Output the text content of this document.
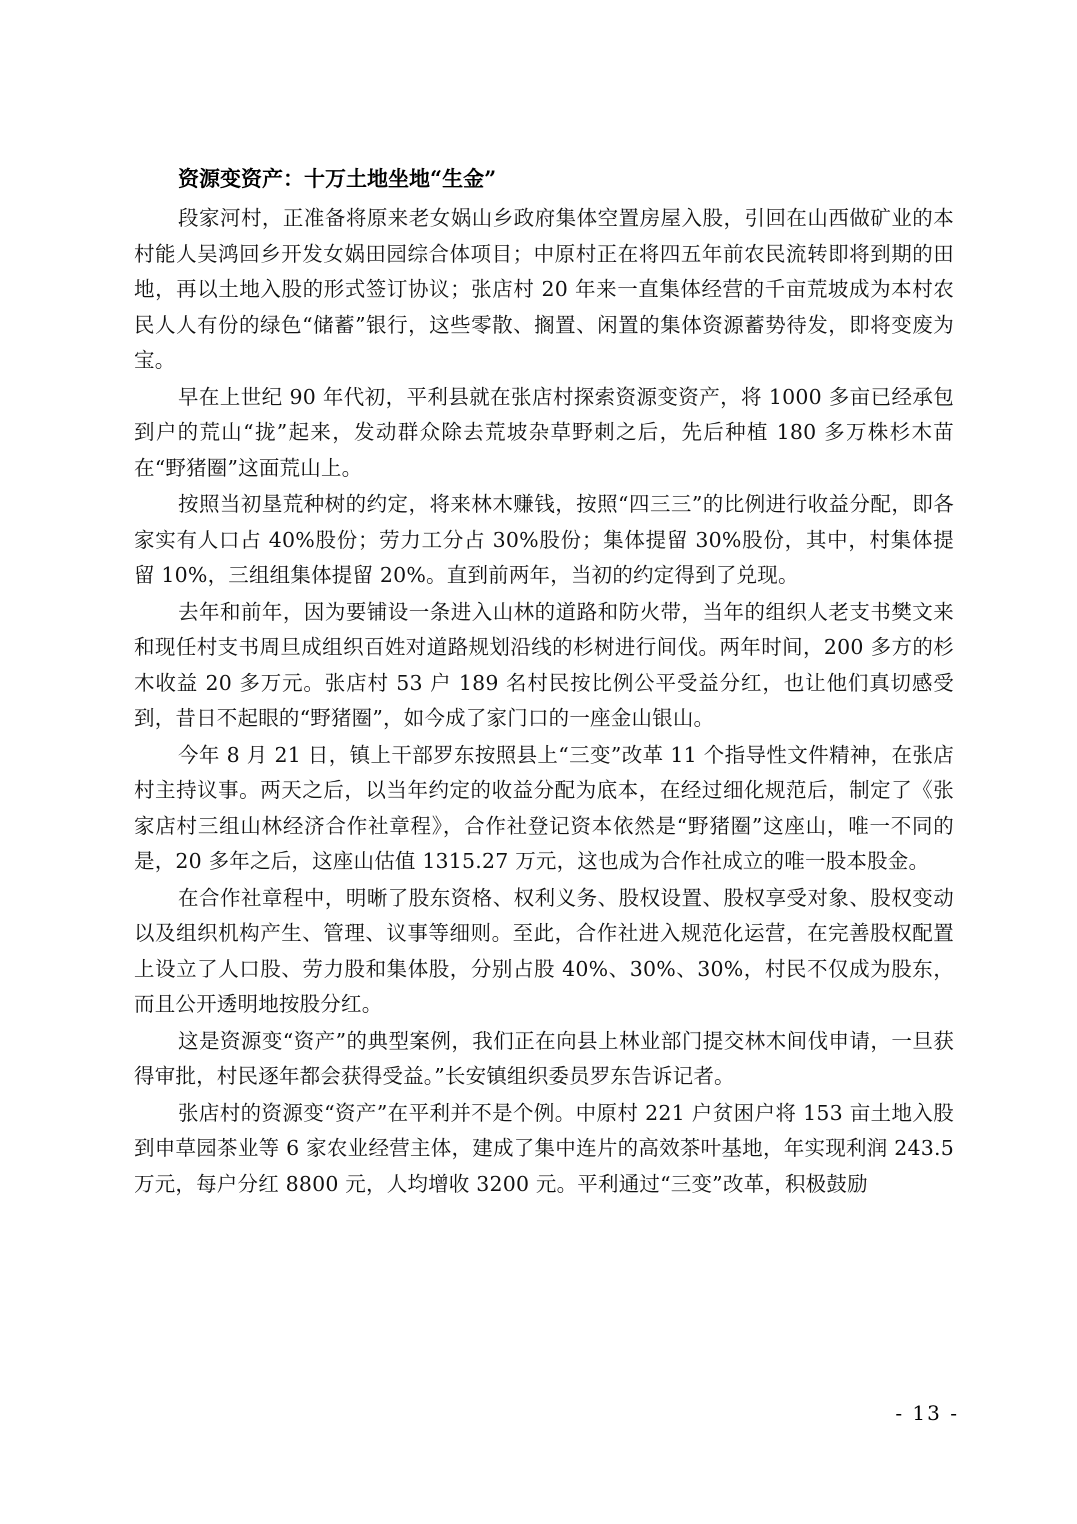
资源变资产：十万土地坐地“生金”

段家河村，正准备将原来老女娲山乡政府集体空置房屋入股，引回在山西做矿业的本村能人吴鸿回乡开发女娲田园综合体项目；中原村正在将四五年前农民流转即将到期的田地，再以土地入股的形式签订协议；张店村 20 年来一直集体经营的千亩荒坡成为本村农民人人有份的绿色“储蓄”银行，这些零散、搁置、闲置的集体资源蓄势待发，即将变废为宝。

早在上世纪 90 年代初，平利县就在张店村探索资源变资产，将 1000 多亩已经承包到户的荒山“拢”起来，发动群众除去荒坡杂草野刺之后，先后种植 180 多万株杉木苗在“野猪圈”这面荒山上。

按照当初垦荒种树的约定，将来林木赚钱，按照“四三三”的比例进行收益分配，即各家实有人口占 40%股份；劳力工分占 30%股份；集体提留 30%股份，其中，村集体提留 10%，三组组集体提留 20%。直到前两年，当初的约定得到了兑现。

去年和前年，因为要铺设一条进入山林的道路和防火带，当年的组织人老支书樊文来和现任村支书周旦成组织百姓对道路规划沿线的杉树进行间伐。两年时间，200 多方的杉木收益 20 多万元。张店村 53 户 189 名村民按比例公平受益分红，也让他们真切感受到，昔日不起眼的“野猪圈”，如今成了家门口的一座金山银山。

今年 8 月 21 日，镇上干部罗东按照县上“三变”改革 11 个指导性文件精神，在张店村主持议事。两天之后，以当年约定的收益分配为底本，在经过细化规范后，制定了《张家店村三组山林经济合作社章程》，合作社登记资本依然是“野猪圈”这座山，唯一不同的是，20 多年之后，这座山估值 1315.27 万元，这也成为合作社成立的唯一股本股金。

在合作社章程中，明晰了股东资格、权利义务、股权设置、股权享受对象、股权变动以及组织机构产生、管理、议事等细则。至此，合作社进入规范化运营，在完善股权配置上设立了人口股、劳力股和集体股，分别占股 40%、30%、30%，村民不仅成为股东，而且公开透明地按股分红。

这是资源变“资产”的典型案例，我们正在向县上林业部门提交林木间伐申请，一旦获得审批，村民逐年都会获得受益。”长安镇组织委员罗东告诉记者。

张店村的资源变“资产”在平利并不是个例。中原村 221 户贫困户将 153 亩土地入股到申草园茶业等 6 家农业经营主体，建成了集中连片的高效茶叶基地，年实现利润 243.5 万元，每户分红 8800 元，人均增收 3200 元。平利通过“三变”改革，积极鼓励

- 13 -
